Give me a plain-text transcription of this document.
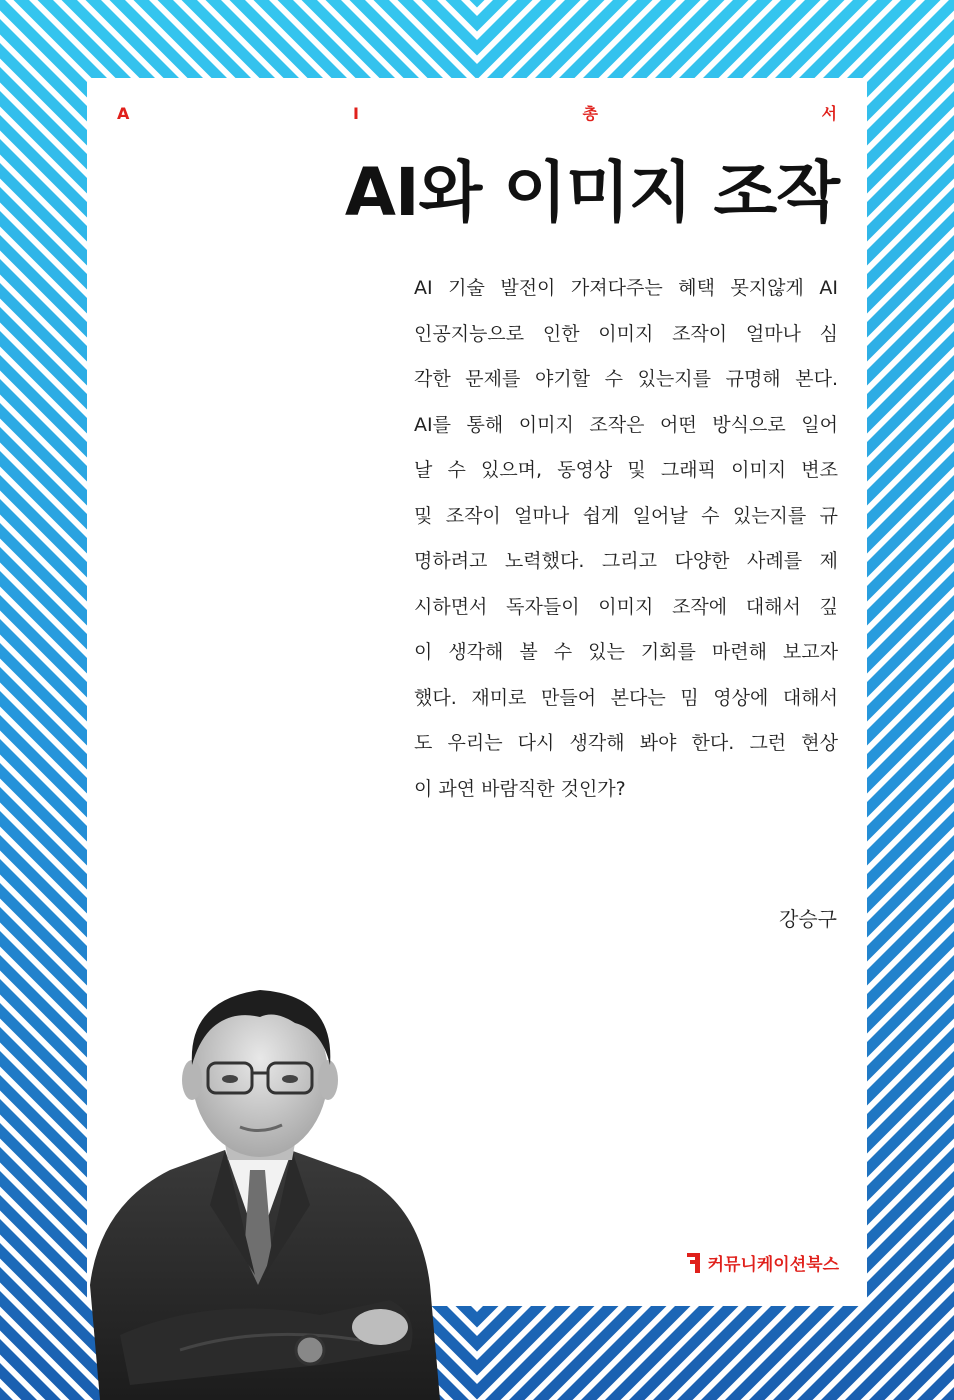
A	I	총	서
AI와 이미지 조작
AI 기술 발전이 가져다주는 혜택 못지않게 AI
인공지능으로 인한 이미지 조작이 얼마나 심
각한 문제를 야기할 수 있는지를 규명해 본다.
AI를 통해 이미지 조작은 어떤 방식으로 일어
날 수 있으며, 동영상 및 그래픽 이미지 변조
및 조작이 얼마나 쉽게 일어날 수 있는지를 규
명하려고 노력했다. 그리고 다양한 사례를 제
시하면서 독자들이 이미지 조작에 대해서 깊
이 생각해 볼 수 있는 기회를 마련해 보고자
했다. 재미로 만들어 본다는 밈 영상에 대해서
도 우리는 다시 생각해 봐야 한다. 그런 현상
이 과연 바람직한 것인가?
강승구
커뮤니케이션북스
